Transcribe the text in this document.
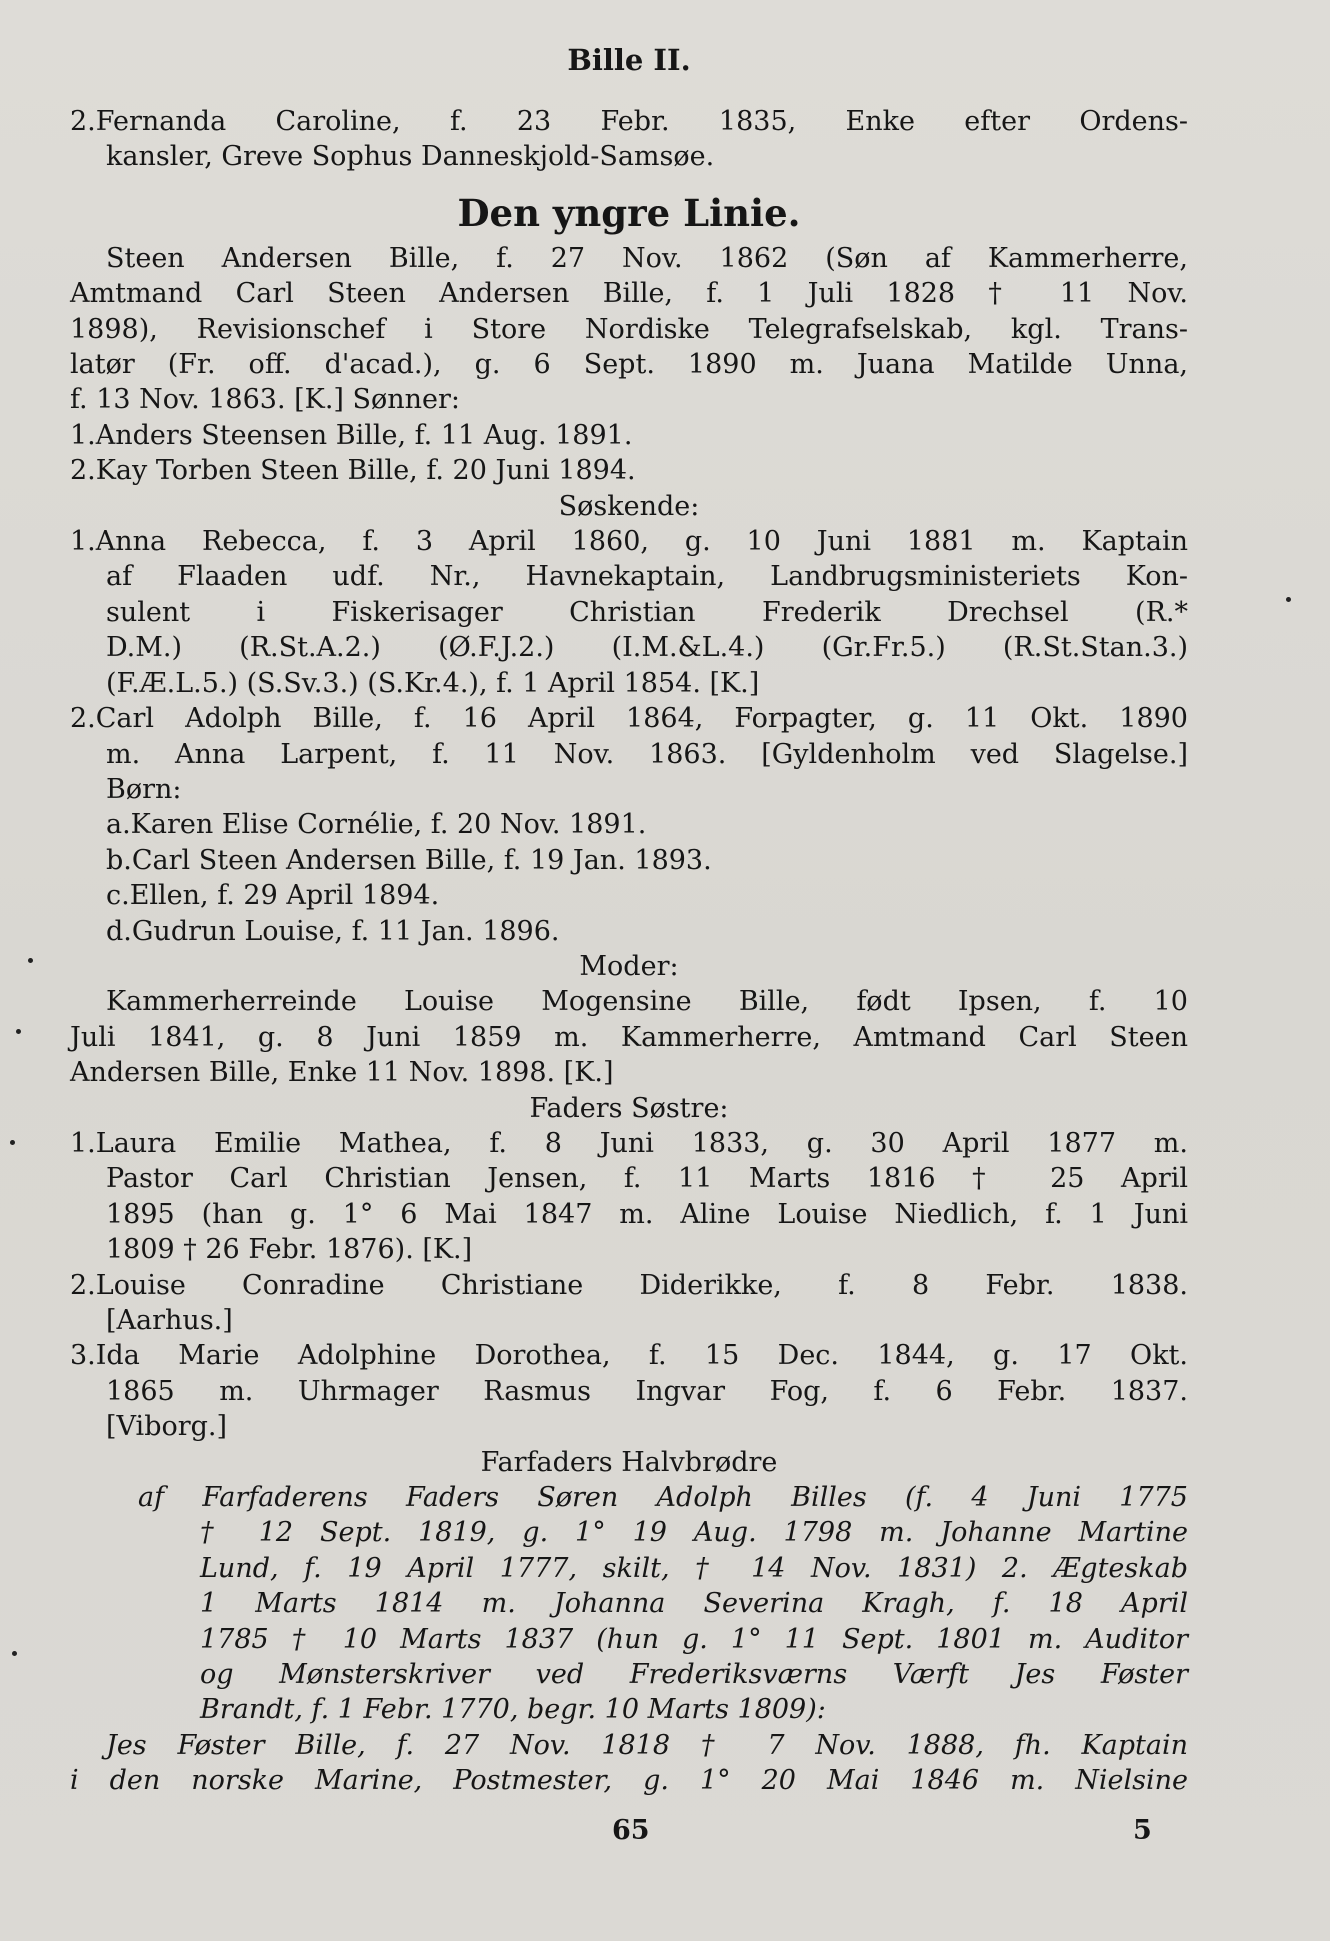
Bille II.
2.Fernanda Caroline, f. 23 Febr. 1835, Enke efter Ordens-
kansler, Greve Sophus Danneskjold-Samsøe.
Den yngre Linie.
Steen Andersen Bille, f. 27 Nov. 1862 (Søn af Kammerherre,
Amtmand Carl Steen Andersen Bille, f. 1 Juli 1828 † 11 Nov.
1898), Revisionschef i Store Nordiske Telegrafselskab, kgl. Trans-
latør (Fr. off. d'acad.), g. 6 Sept. 1890 m. Juana Matilde Unna,
f. 13 Nov. 1863. [K.] Sønner:
1.Anders Steensen Bille, f. 11 Aug. 1891.
2.Kay Torben Steen Bille, f. 20 Juni 1894.
Søskende:
1.Anna Rebecca, f. 3 April 1860, g. 10 Juni 1881 m. Kaptain
af Flaaden udf. Nr., Havnekaptain, Landbrugsministeriets Kon-
sulent i Fiskerisager Christian Frederik Drechsel (R.*
D.M.) (R.St.A.2.) (Ø.F.J.2.) (I.M.&L.4.) (Gr.Fr.5.) (R.St.Stan.3.)
(F.Æ.L.5.) (S.Sv.3.) (S.Kr.4.), f. 1 April 1854. [K.]
2.Carl Adolph Bille, f. 16 April 1864, Forpagter, g. 11 Okt. 1890
m. Anna Larpent, f. 11 Nov. 1863. [Gyldenholm ved Slagelse.]
Børn:
a.Karen Elise Cornélie, f. 20 Nov. 1891.
b.Carl Steen Andersen Bille, f. 19 Jan. 1893.
c.Ellen, f. 29 April 1894.
d.Gudrun Louise, f. 11 Jan. 1896.
Moder:
Kammerherreinde Louise Mogensine Bille, født Ipsen, f. 10
Juli 1841, g. 8 Juni 1859 m. Kammerherre, Amtmand Carl Steen
Andersen Bille, Enke 11 Nov. 1898. [K.]
Faders Søstre:
1.Laura Emilie Mathea, f. 8 Juni 1833, g. 30 April 1877 m.
Pastor Carl Christian Jensen, f. 11 Marts 1816 † 25 April
1895 (han g. 1° 6 Mai 1847 m. Aline Louise Niedlich, f. 1 Juni
1809 † 26 Febr. 1876). [K.]
2.Louise Conradine Christiane Diderikke, f. 8 Febr. 1838.
[Aarhus.]
3.Ida Marie Adolphine Dorothea, f. 15 Dec. 1844, g. 17 Okt.
1865 m. Uhrmager Rasmus Ingvar Fog, f. 6 Febr. 1837.
[Viborg.]
Farfaders Halvbrødre
af Farfaderens Faders Søren Adolph Billes (f. 4 Juni 1775
† 12 Sept. 1819, g. 1° 19 Aug. 1798 m. Johanne Martine
Lund, f. 19 April 1777, skilt, † 14 Nov. 1831) 2. Ægteskab
1 Marts 1814 m. Johanna Severina Kragh, f. 18 April
1785 † 10 Marts 1837 (hun g. 1° 11 Sept. 1801 m. Auditor
og Mønsterskriver ved Frederiksværns Værft Jes Føster
Brandt, f. 1 Febr. 1770, begr. 10 Marts 1809):
Jes Føster Bille, f. 27 Nov. 1818 † 7 Nov. 1888, fh. Kaptain
i den norske Marine, Postmester, g. 1° 20 Mai 1846 m. Nielsine
65	5
